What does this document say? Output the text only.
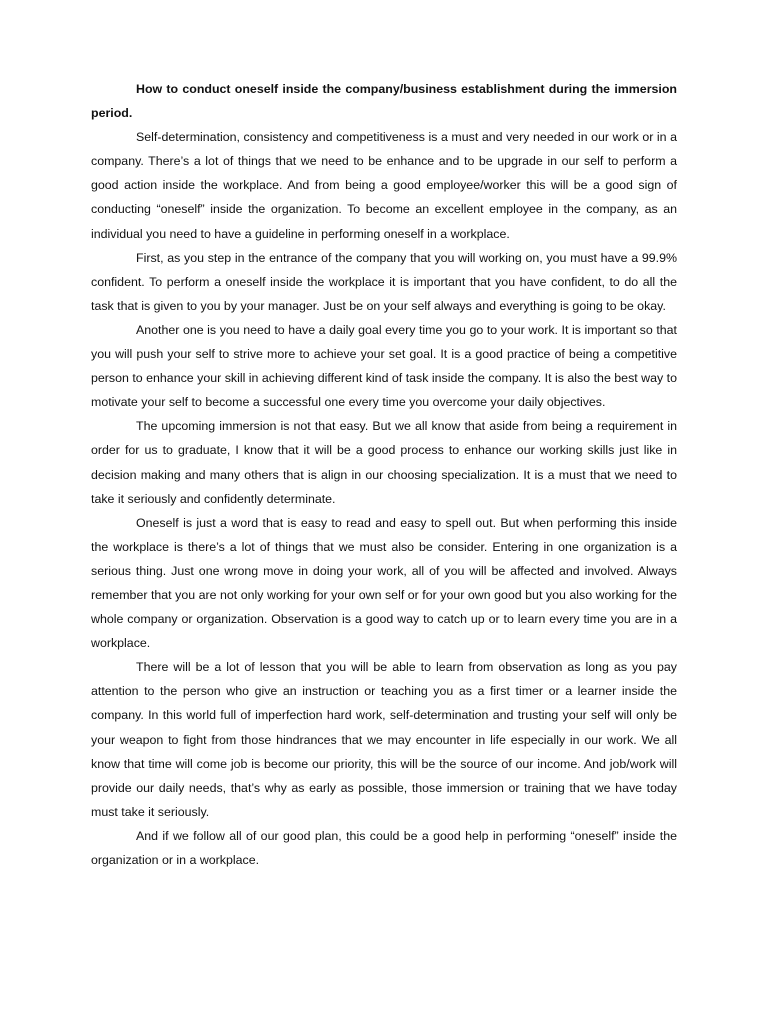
How to conduct oneself inside the company/business establishment during the immersion period.

Self-determination, consistency and competitiveness is a must and very needed in our work or in a company. There’s a lot of things that we need to be enhance and to be upgrade in our self to perform a good action inside the workplace. And from being a good employee/worker this will be a good sign of conducting “oneself” inside the organization. To become an excellent employee in the company, as an individual you need to have a guideline in performing oneself in a workplace.

First, as you step in the entrance of the company that you will working on, you must have a 99.9% confident. To perform a oneself inside the workplace it is important that you have confident, to do all the task that is given to you by your manager. Just be on your self always and everything is going to be okay.

Another one is you need to have a daily goal every time you go to your work. It is important so that you will push your self to strive more to achieve your set goal. It is a good practice of being a competitive person to enhance your skill in achieving different kind of task inside the company. It is also the best way to motivate your self to become a successful one every time you overcome your daily objectives.

The upcoming immersion is not that easy. But we all know that aside from being a requirement in order for us to graduate, I know that it will be a good process to enhance our working skills just like in decision making and many others that is align in our choosing specialization. It is a must that we need to take it seriously and confidently determinate.

Oneself is just a word that is easy to read and easy to spell out. But when performing this inside the workplace is there’s a lot of things that we must also be consider. Entering in one organization is a serious thing. Just one wrong move in doing your work, all of you will be affected and involved. Always remember that you are not only working for your own self or for your own good but you also working for the whole company or organization. Observation is a good way to catch up or to learn every time you are in a workplace.

There will be a lot of lesson that you will be able to learn from observation as long as you pay attention to the person who give an instruction or teaching you as a first timer or a learner inside the company. In this world full of imperfection hard work, self-determination and trusting your self will only be your weapon to fight from those hindrances that we may encounter in life especially in our work. We all know that time will come job is become our priority, this will be the source of our income. And job/work will provide our daily needs, that’s why as early as possible, those immersion or training that we have today must take it seriously.

And if we follow all of our good plan, this could be a good help in performing “oneself” inside the organization or in a workplace.
